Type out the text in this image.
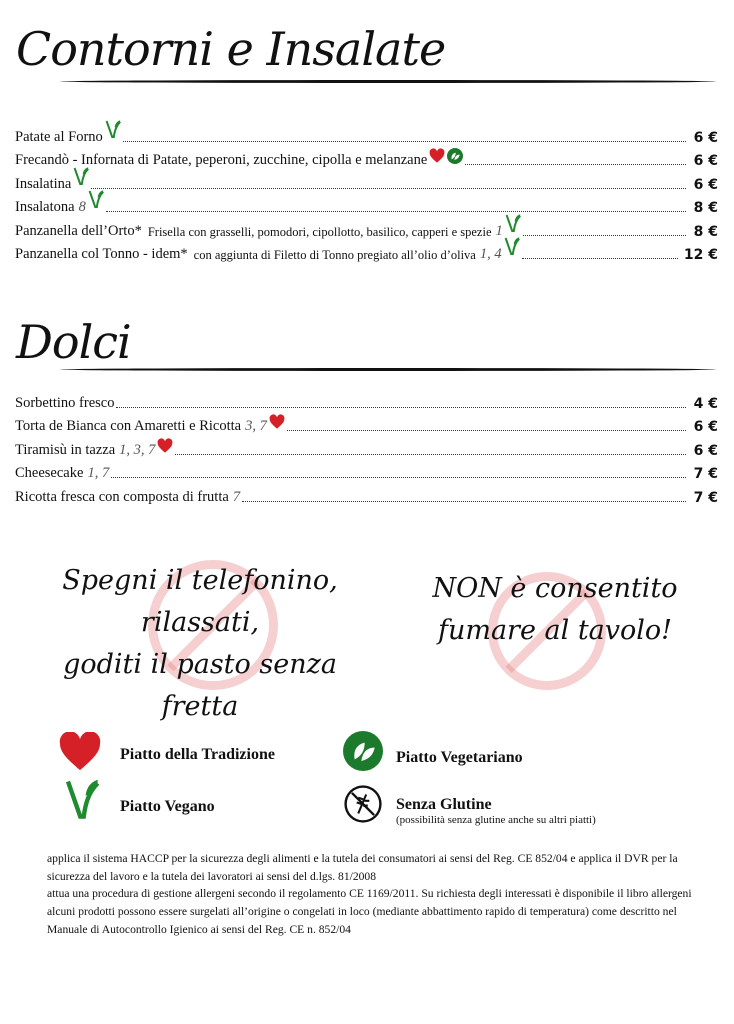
Contorni e Insalate
Patate al Forno	6 €
Frecandò - Infornata di Patate, peperoni, zucchine, cipolla e melanzane	6 €
Insalatina	6 €
Insalatona 8	8 €
Panzanella dell’Orto* Frisella con grasselli, pomodori, cipollotto, basilico, capperi e spezie 1	8 €
Panzanella col Tonno - idem* con aggiunta di Filetto di Tonno pregiato all’olio d’oliva 1, 4	12 €
Dolci
Sorbettino fresco	4 €
Torta de Bianca con Amaretti e Ricotta 3, 7	6 €
Tiramisù in tazza 1, 3, 7	6 €
Cheesecake 1, 7	7 €
Ricotta fresca con composta di frutta 7	7 €
Spegni il telefonino, rilassati,
goditi il pasto senza fretta
NON è consentito
fumare al tavolo!
Piatto della Tradizione	Piatto Vegetariano
Piatto Vegano	Senza Glutine
(possibilità senza glutine anche su altri piatti)
applica il sistema HACCP per la sicurezza degli alimenti e la tutela dei consumatori ai sensi del Reg. CE 852/04 e applica il DVR per la sicurezza del lavoro e la tutela dei lavoratori ai sensi del d.lgs. 81/2008
attua una procedura di gestione allergeni secondo il regolamento CE 1169/2011. Su richiesta degli interessati è disponibile il libro allergeni
alcuni prodotti possono essere surgelati all’origine o congelati in loco (mediante abbattimento rapido di temperatura) come descritto nel Manuale di Autocontrollo Igienico ai sensi del Reg. CE n. 852/04
